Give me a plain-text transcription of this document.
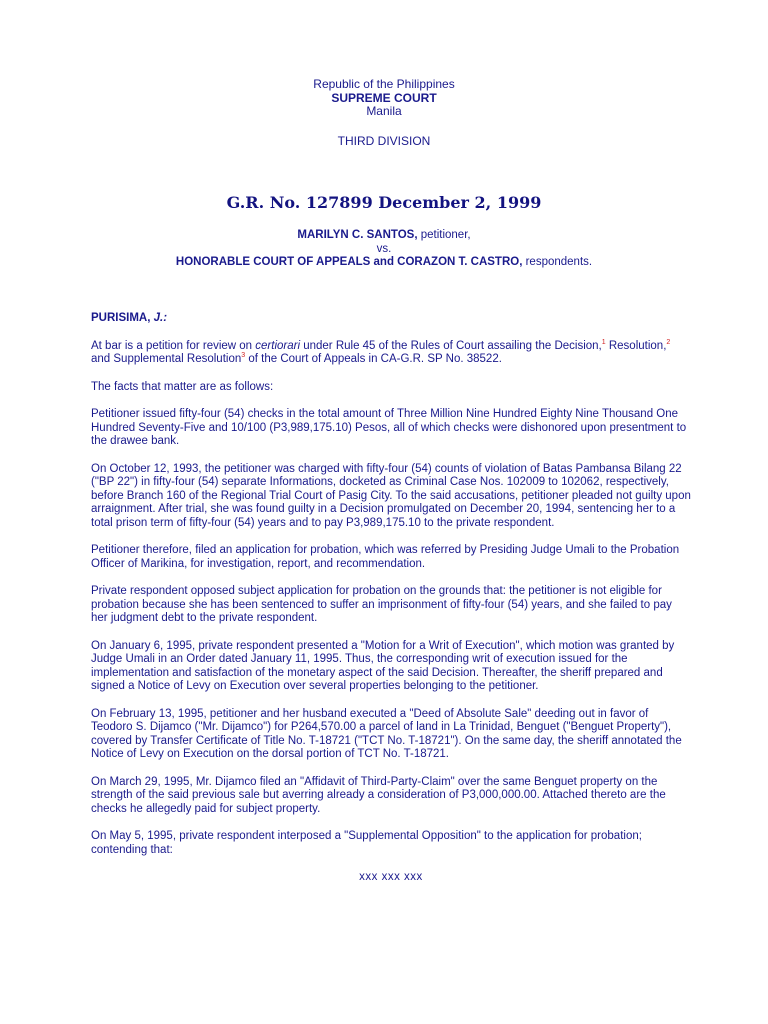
Republic of the Philippines
SUPREME COURT
Manila
THIRD DIVISION
G.R. No. 127899 December 2, 1999
MARILYN C. SANTOS, petitioner,
vs.
HONORABLE COURT OF APPEALS and CORAZON T. CASTRO, respondents.

PURISIMA, J.:

At bar is a petition for review on certiorari under Rule 45 of the Rules of Court assailing the Decision,$^1$ Resolution,$^2$ and Supplemental Resolution$^3$ of the Court of Appeals in CA-G.R. SP No. 38522.

The facts that matter are as follows:

Petitioner issued fifty-four (54) checks in the total amount of Three Million Nine Hundred Eighty Nine Thousand One Hundred Seventy-Five and 10/100 (P3,989,175.10) Pesos, all of which checks were dishonored upon presentment to the drawee bank.

On October 12, 1993, the petitioner was charged with fifty-four (54) counts of violation of Batas Pambansa Bilang 22 ("BP 22") in fifty-four (54) separate Informations, docketed as Criminal Case Nos. 102009 to 102062, respectively, before Branch 160 of the Regional Trial Court of Pasig City. To the said accusations, petitioner pleaded not guilty upon arraignment. After trial, she was found guilty in a Decision promulgated on December 20, 1994, sentencing her to a total prison term of fifty-four (54) years and to pay P3,989,175.10 to the private respondent.

Petitioner therefore, filed an application for probation, which was referred by Presiding Judge Umali to the Probation Officer of Marikina, for investigation, report, and recommendation.

Private respondent opposed subject application for probation on the grounds that: the petitioner is not eligible for probation because she has been sentenced to suffer an imprisonment of fifty-four (54) years, and she failed to pay her judgment debt to the private respondent.

On January 6, 1995, private respondent presented a "Motion for a Writ of Execution", which motion was granted by Judge Umali in an Order dated January 11, 1995. Thus, the corresponding writ of execution issued for the implementation and satisfaction of the monetary aspect of the said Decision. Thereafter, the sheriff prepared and signed a Notice of Levy on Execution over several properties belonging to the petitioner.

On February 13, 1995, petitioner and her husband executed a "Deed of Absolute Sale" deeding out in favor of Teodoro S. Dijamco ("Mr. Dijamco") for P264,570.00 a parcel of land in La Trinidad, Benguet ("Benguet Property"), covered by Transfer Certificate of Title No. T-18721 ("TCT No. T-18721"). On the same day, the sheriff annotated the Notice of Levy on Execution on the dorsal portion of TCT No. T-18721.

On March 29, 1995, Mr. Dijamco filed an "Affidavit of Third-Party-Claim" over the same Benguet property on the strength of the said previous sale but averring already a consideration of P3,000,000.00. Attached thereto are the checks he allegedly paid for subject property.

On May 5, 1995, private respondent interposed a "Supplemental Opposition" to the application for probation; contending that:

xxx xxx xxx
